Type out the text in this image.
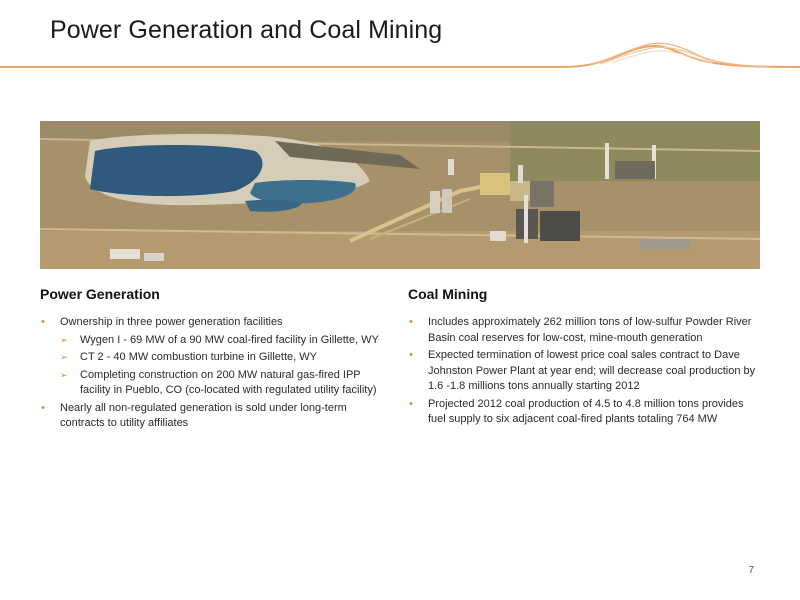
Power Generation and Coal Mining
Power Generation
• Ownership in three power generation facilities
➢ Wygen I - 69 MW of a 90 MW coal-fired facility in Gillette, WY
➢ CT 2 - 40 MW combustion turbine in Gillette, WY
➢ Completing construction on 200 MW natural gas-fired IPP facility in Pueblo, CO (co-located with regulated utility facility)
• Nearly all non-regulated generation is sold under long-term contracts to utility affiliates
Coal Mining
• Includes approximately 262 million tons of low-sulfur Powder River Basin coal reserves for low-cost, mine-mouth generation
• Expected termination of lowest price coal sales contract to Dave Johnston Power Plant at year end; will decrease coal production by 1.6 -1.8 millions tons annually starting 2012
• Projected 2012 coal production of 4.5 to 4.8 million tons provides fuel supply to six adjacent coal-fired plants totaling 764 MW
7
